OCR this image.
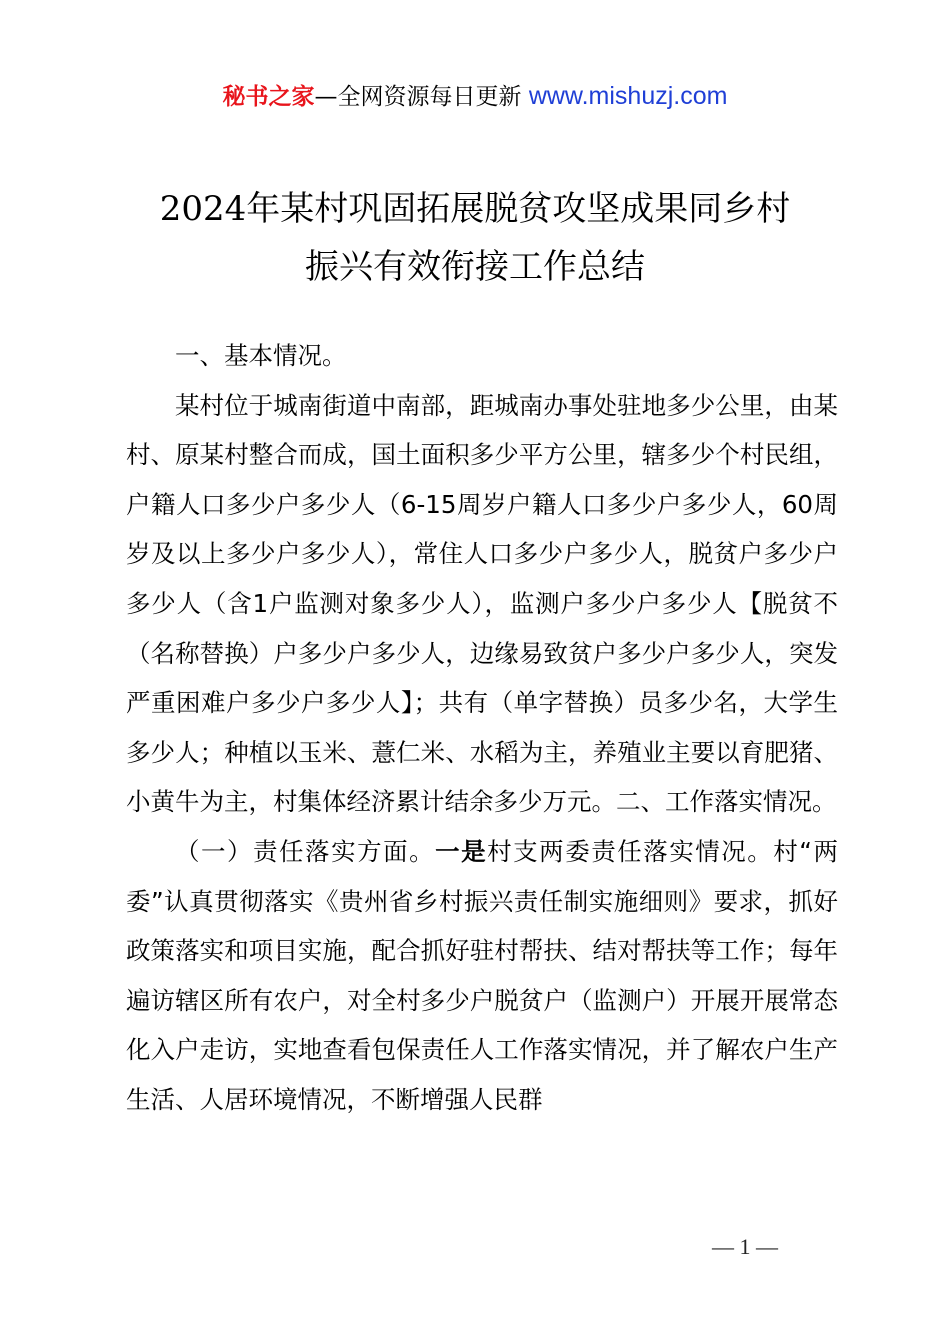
秘书之家—全网资源每日更新 www.mishuzj.com
2024年某村巩固拓展脱贫攻坚成果同乡村
振兴有效衔接工作总结

一、基本情况。

某村位于城南街道中南部，距城南办事处驻地多少公里，由某村、原某村整合而成，国土面积多少平方公里，辖多少个村民组，户籍人口多少户多少人（6-15周岁户籍人口多少户多少人，60周岁及以上多少户多少人），常住人口多少户多少人，脱贫户多少户多少人（含1户监测对象多少人），监测户多少户多少人【脱贫不（名称替换）户多少户多少人，边缘易致贫户多少户多少人，突发严重困难户多少户多少人】；共有（单字替换）员多少名，大学生多少人；种植以玉米、薏仁米、水稻为主，养殖业主要以育肥猪、小黄牛为主，村集体经济累计结余多少万元。二、工作落实情况。

（一）责任落实方面。一是村支两委责任落实情况。村“两委”认真贯彻落实《贵州省乡村振兴责任制实施细则》要求，抓好政策落实和项目实施，配合抓好驻村帮扶、结对帮扶等工作；每年遍访辖区所有农户，对全村多少户脱贫户（监测户）开展开展常态化入户走访，实地查看包保责任人工作落实情况，并了解农户生产生活、人居环境情况，不断增强人民群

— 1 —
